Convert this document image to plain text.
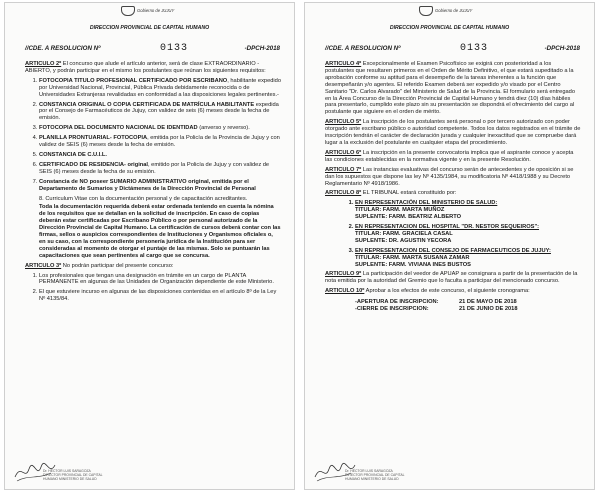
Gobierno de JUJUY
DIRECCION PROVINCIAL DE CAPITAL HUMANO
//CDE. A RESOLUCION Nº	0133	-DPCH-2018

ARTICULO 2º El concurso que alude el artículo anterior, será de clase EXTRAORDINARIO - ABIERTO, y podrán participar en el mismo los postulantes que reúnan los siguientes requisitos:

1. FOTOCOPIA TITULO PROFESIONAL CERTIFICADO POR ESCRIBANO, habilitante expedido por Universidad Nacional, Provincial, Pública Privada debidamente reconocida o de Universidades Extranjeras revalidadas en conformidad a las disposiciones legales pertinentes.-
2. CONSTANCIA ORIGINAL O COPIA CERTIFICADA DE MATRÍCULA HABILITANTE expedida por el Consejo de Farmacéuticos de Jujuy, con validez de seis (6) meses desde la fecha de emisión.
3. FOTOCOPIA DEL DOCUMENTO NACIONAL DE IDENTIDAD (anverso y reverso).
4. PLANILLA PRONTUARIAL- FOTOCOPIA, emitida por la Policía de la Provincia de Jujuy y con validez de SEIS (6) meses desde la fecha de emisión.
5. CONSTANCIA DE C.U.I.L.
6. CERTIFICADO DE RESIDENCIA- original, emitido por la Policía de Jujuy y con validez de SEIS (6) meses desde la fecha de su emisión.
7. Constancia de NO poseer SUMARIO ADMINISTRATIVO original, emitida por el Departamento de Sumarios y Dictámenes de la Dirección Provincial de Personal

8. Curriculum Vitae con la documentación personal y de capacitación acreditantes.

Toda la documentación requerida deberá estar ordenada teniendo en cuenta la nómina de los requisitos que se detallan en la solicitud de inscripción. En caso de copias deberán estar certificadas por Escribano Público o por personal autorizado de la Dirección Provincial de Capital Humano. La certificación de cursos deberá contar con las firmas, sellos o auspicios correspondientes de Instituciones y Organismos oficiales o, en su caso, con la correspondiente personería jurídica de la Institución para ser consideradas al momento de otorgar el puntaje de las mismas. Solo se puntuarán las capacitaciones que sean pertinentes al cargo que se concursa.

ARTICULO 3º No podrán participar del presente concurso:

1. Los profesionales que tengan una designación en trámite en un cargo de PLANTA PERMANENTE en algunas de las Unidades de Organización dependiente de este Ministerio.
2. El que estuviere incurso en algunas de las disposiciones contenidas en el artículo 8º de la Ley Nº 4135/84.
Dr. HÉCTOR LUIS SARAGOZA DIRECTOR PROVINCIAL DE CAPITAL HUMANO MINISTERIO DE SALUD
Gobierno de JUJUY
DIRECCION PROVINCIAL DE CAPITAL HUMANO
//CDE. A RESOLUCION Nº	0133	-DPCH-2018

ARTICULO 4º Excepcionalmente el Examen Psicofísico se exigirá con posterioridad a los postulantes que resultaren primeros en el Orden de Mérito Definitivo, el que estará supeditado a la aprobación conforme su aptitud para el desempeño de la tareas inherentes a la función que desempeñarán y/o agentes. El referido Examen deberá ser expedido y/o visado por el Centro Sanitario "Dr. Carlos Alvarado" del Ministerio de Salud de la Provincia. El formulario será entregado en la Área Concurso de la Dirección Provincial de Capital Humano y tendrá diez (10) días hábiles para presentarlo, cumplido este plazo sin su presentación se dispondrá el ofrecimiento del cargo al postulante que siguiere en el orden de mérito.

ARTICULO 5º La inscripción de los postulantes será personal o por tercero autorizado con poder otorgado ante escribano público o autoridad competente. Todos los datos registrados en el trámite de inscripción tendrán el carácter de declaración jurada y cualquier inexactitud que se compruebe dará lugar a la exclusión del postulante en cualquier etapa del procedimiento.

ARTICULO 6º La inscripción en la presente convocatoria implica que el aspirante conoce y acepta las condiciones establecidas en la normativa vigente y en la presente Resolución.

ARTICULO 7º Las instancias evaluativas del concurso serán de antecedentes y de oposición si se dan los supuestos que dispone las ley Nº 4135/1984, su modificatoria Nº 4418/1988 y su Decreto Reglamentario Nº 4918/1986.

ARTICULO 8º EL TRIBUNAL estará constituido por:

1. EN REPRESENTACIÓN DEL MINISTERIO DE SALUD:
TITULAR: FARM. MARTA MUÑOZ
SUPLENTE: FARM. BEATRIZ ALBERTO
2. EN REPRESENTACION DEL HOSPITAL "DR. NESTOR SEQUEIROS":
TITULAR: FARM. GRACIELA CASAL
SUPLENTE: DR. AGUSTIN YECORA
3. EN REPRESENTACION DEL CONSEJO DE FARMACEUTICOS DE JUJUY:
TITULAR: FARM. MARTA SUSANA ZAMAR
SUPLENTE: FARM. VIVIANA INES BUSTOS

ARTICULO 9º La participación del veedor de APUAP se consignara a partir de la presentación de la nota emitida por la autoridad del Gremio que lo faculta a participar del mencionado concurso.

ARTICULO 10º Aprobar a los efectos de este concurso, el siguiente cronograma:

-APERTURA DE INSCRIPCION:	21 DE MAYO DE 2018
-CIERRE DE INSCRIPCION:	21 DE JUNIO DE 2018
Dr. HÉCTOR LUIS SARAGOZA DIRECTOR PROVINCIAL DE CAPITAL HUMANO MINISTERIO DE SALUD
